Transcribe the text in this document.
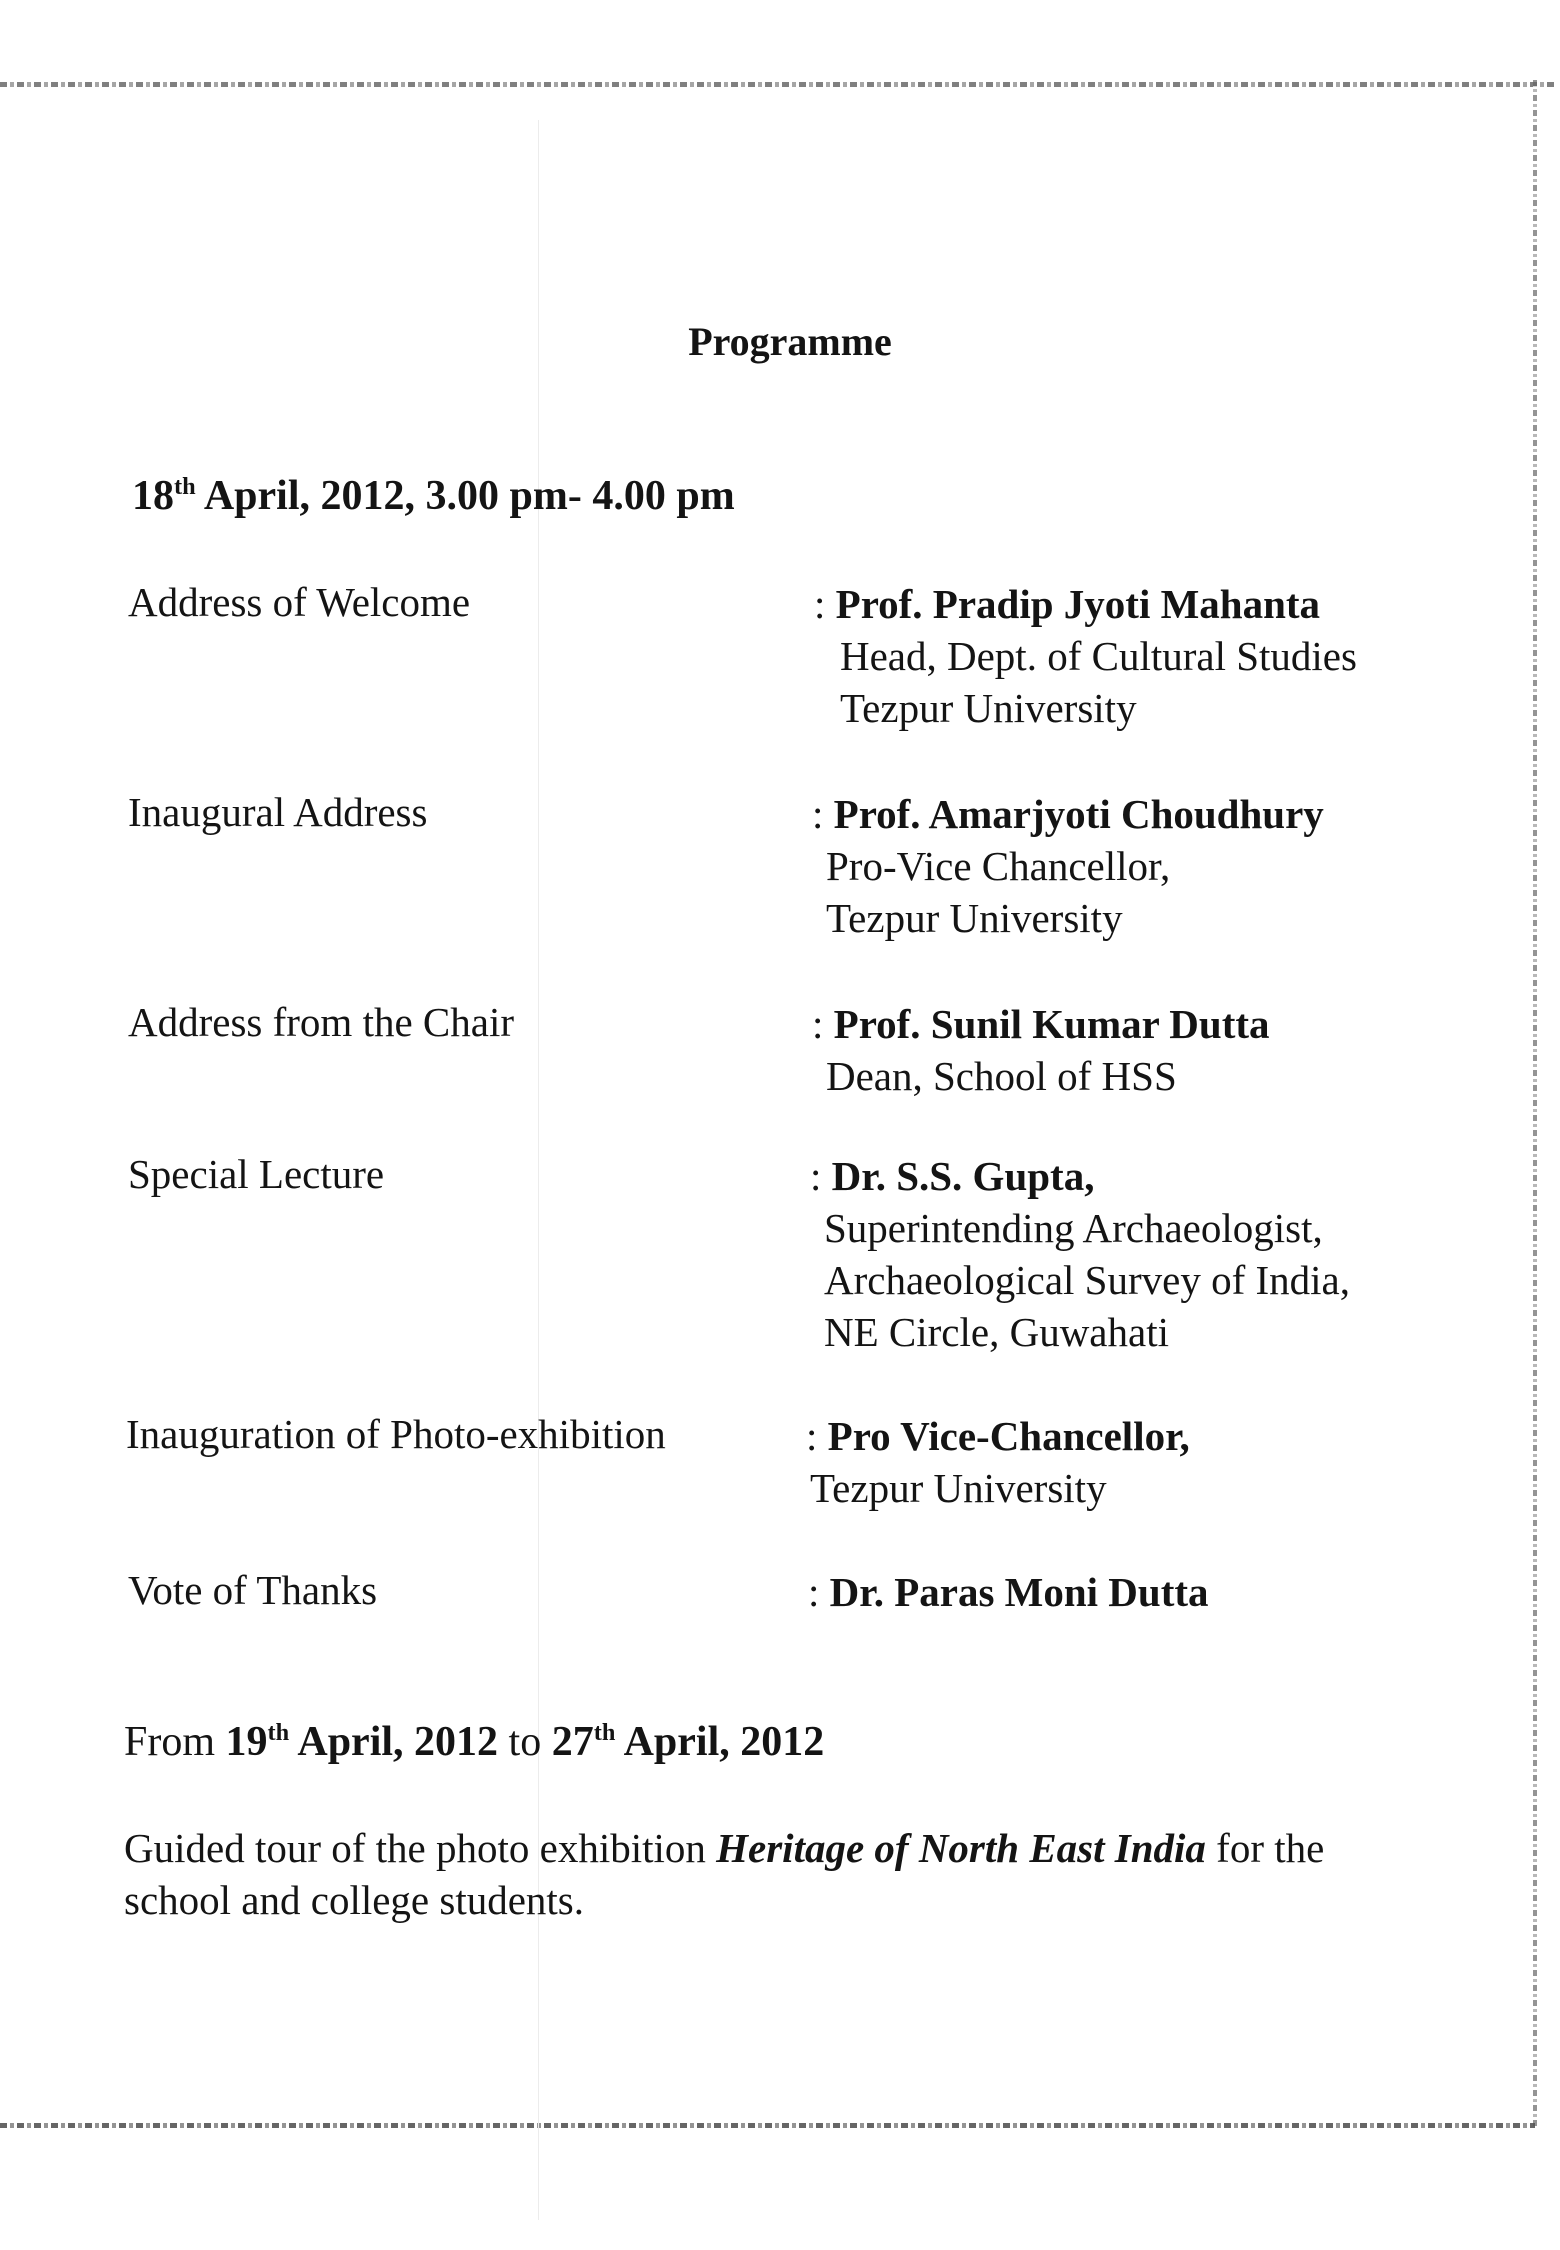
Programme
18th April, 2012, 3.00 pm- 4.00 pm
Address of Welcome	: Prof. Pradip Jyoti Mahanta
Head, Dept. of Cultural Studies
Tezpur University
Inaugural Address	: Prof. Amarjyoti Choudhury
Pro-Vice Chancellor,
Tezpur University
Address from the Chair	: Prof. Sunil Kumar Dutta
Dean, School of HSS
Special Lecture	: Dr. S.S. Gupta,
Superintending Archaeologist,
Archaeological Survey of India,
NE Circle, Guwahati
Inauguration of Photo-exhibition	: Pro Vice-Chancellor,
Tezpur University
Vote of Thanks	: Dr. Paras Moni Dutta
From 19th April, 2012 to 27th April, 2012
Guided tour of the photo exhibition Heritage of North East India for the school and college students.
